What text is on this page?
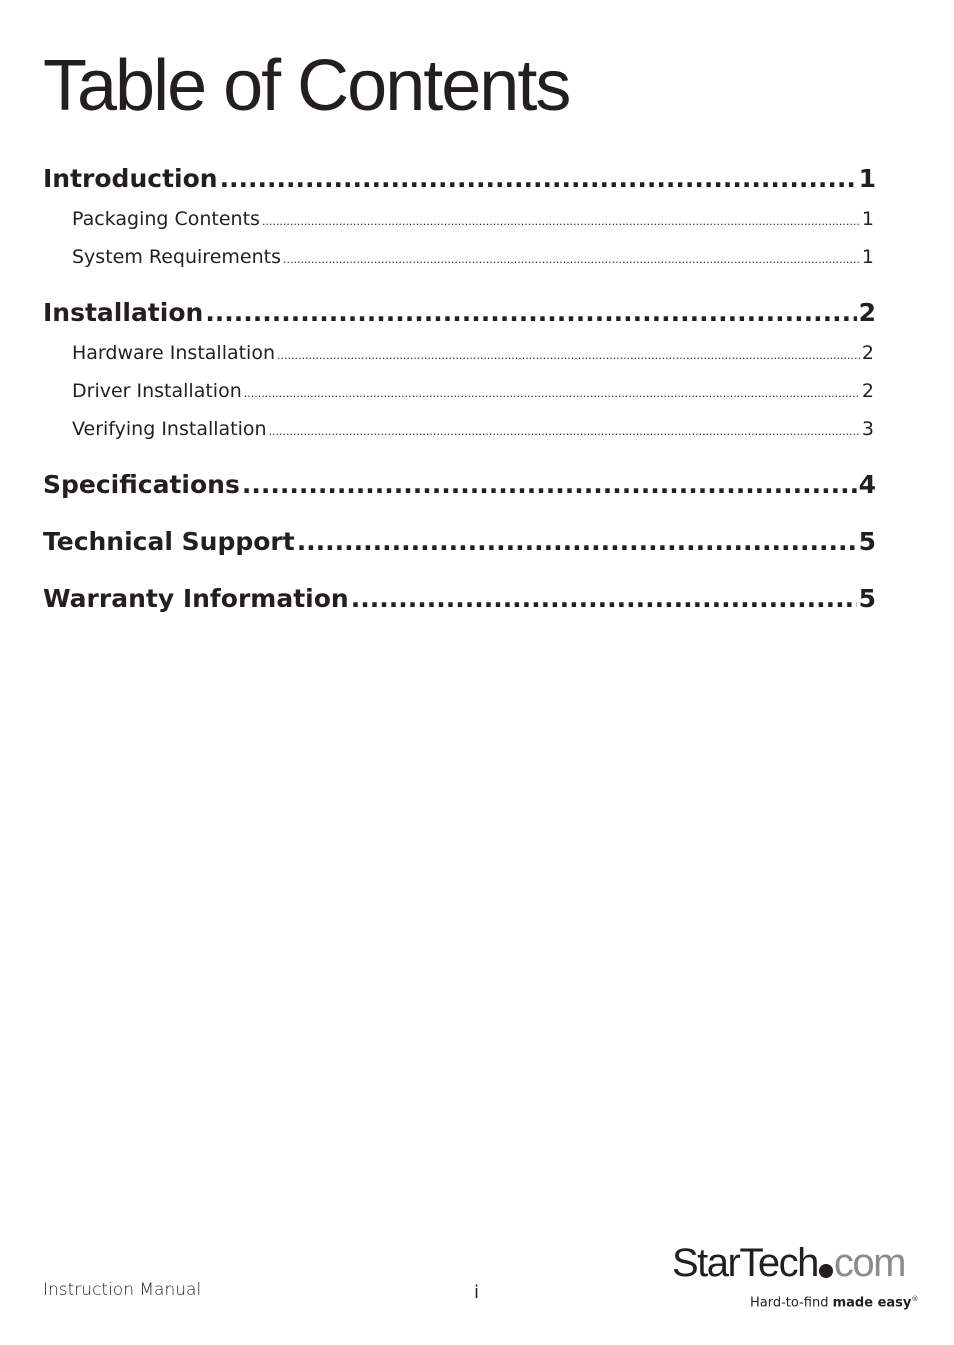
Table of Contents
Introduction .....	1
Packaging Contents .....	1
System Requirements .....	1
Installation .....	2
Hardware Installation .....	2
Driver Installation .....	2
Verifying Installation .....	3
Specifications .....	4
Technical Support .....	5
Warranty Information .....	5
Instruction Manual	i
StarTech com
Hard-to-find made easy®
